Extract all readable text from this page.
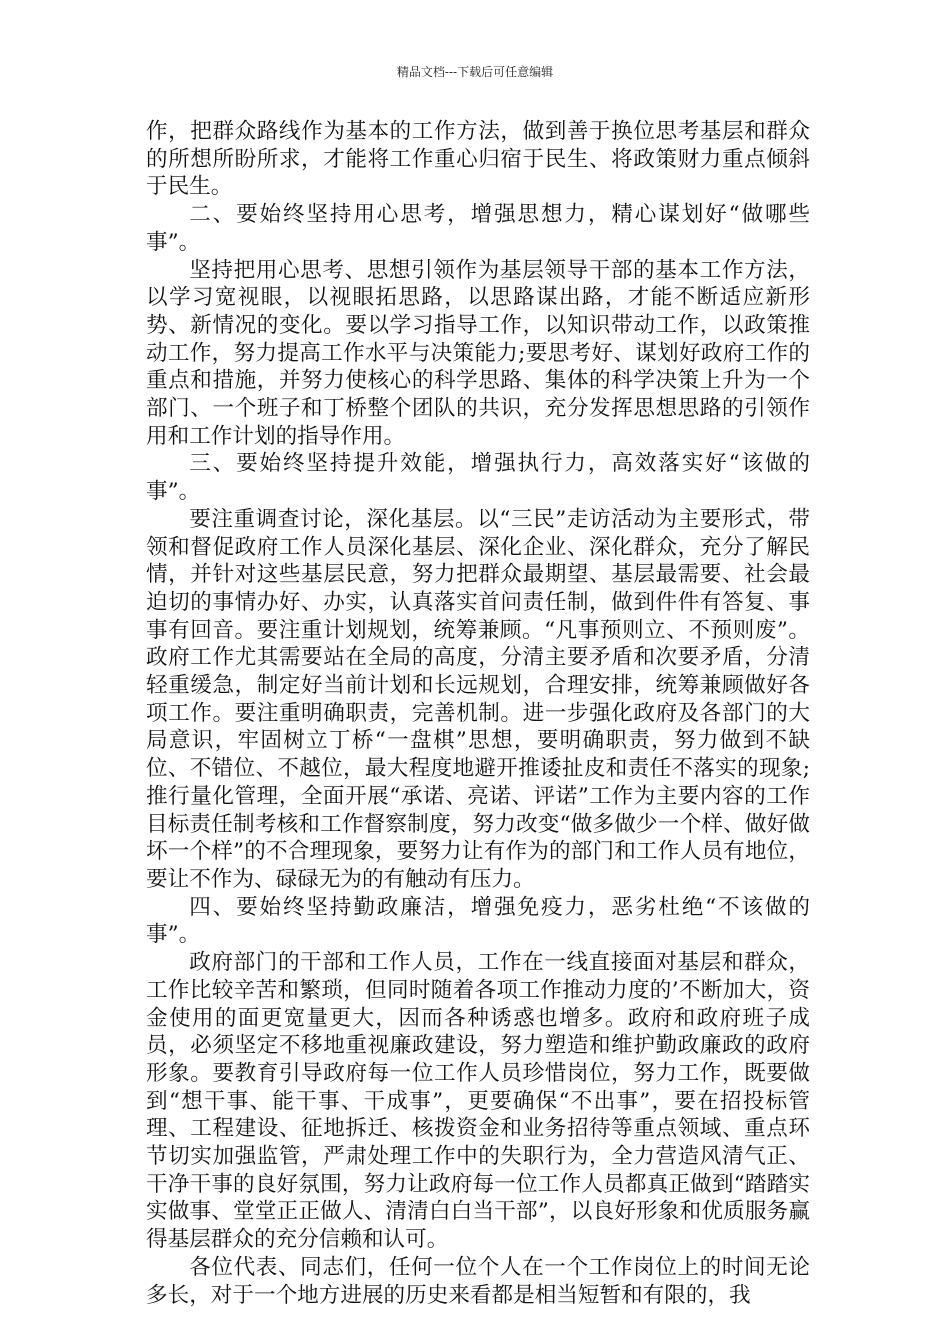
精品文档---下载后可任意编辑

作，把群众路线作为基本的工作方法，做到善于换位思考基层和群众的所想所盼所求，才能将工作重心归宿于民生、将政策财力重点倾斜于民生。

二、要始终坚持用心思考，增强思想力，精心谋划好“做哪些事”。

坚持把用心思考、思想引领作为基层领导干部的基本工作方法，以学习宽视眼，以视眼拓思路，以思路谋出路，才能不断适应新形势、新情况的变化。要以学习指导工作，以知识带动工作，以政策推动工作，努力提高工作水平与决策能力;要思考好、谋划好政府工作的重点和措施，并努力使核心的科学思路、集体的科学决策上升为一个部门、一个班子和丁桥整个团队的共识，充分发挥思想思路的引领作用和工作计划的指导作用。

三、要始终坚持提升效能，增强执行力，高效落实好“该做的事”。

要注重调查讨论，深化基层。以“三民”走访活动为主要形式，带领和督促政府工作人员深化基层、深化企业、深化群众，充分了解民情，并针对这些基层民意，努力把群众最期望、基层最需要、社会最迫切的事情办好、办实，认真落实首问责任制，做到件件有答复、事事有回音。要注重计划规划，统筹兼顾。“凡事预则立、不预则废”。政府工作尤其需要站在全局的高度，分清主要矛盾和次要矛盾，分清轻重缓急，制定好当前计划和长远规划，合理安排，统筹兼顾做好各项工作。要注重明确职责，完善机制。进一步强化政府及各部门的大局意识，牢固树立丁桥“一盘棋”思想，要明确职责，努力做到不缺位、不错位、不越位，最大程度地避开推诿扯皮和责任不落实的现象;推行量化管理，全面开展“承诺、亮诺、评诺”工作为主要内容的工作目标责任制考核和工作督察制度，努力改变“做多做少一个样、做好做坏一个样”的不合理现象，要努力让有作为的部门和工作人员有地位，要让不作为、碌碌无为的有触动有压力。

四、要始终坚持勤政廉洁，增强免疫力，恶劣杜绝“不该做的事”。

政府部门的干部和工作人员，工作在一线直接面对基层和群众，工作比较辛苦和繁琐，但同时随着各项工作推动力度的’不断加大，资金使用的面更宽量更大，因而各种诱惑也增多。政府和政府班子成员，必须坚定不移地重视廉政建设，努力塑造和维护勤政廉政的政府形象。要教育引导政府每一位工作人员珍惜岗位，努力工作，既要做到“想干事、能干事、干成事”，更要确保“不出事”，要在招投标管理、工程建设、征地拆迁、核拨资金和业务招待等重点领域、重点环节切实加强监管，严肃处理工作中的失职行为，全力营造风清气正、干净干事的良好氛围，努力让政府每一位工作人员都真正做到“踏踏实实做事、堂堂正正做人、清清白白当干部”，以良好形象和优质服务赢得基层群众的充分信赖和认可。

各位代表、同志们，任何一位个人在一个工作岗位上的时间无论多长，对于一个地方进展的历史来看都是相当短暂和有限的，我
